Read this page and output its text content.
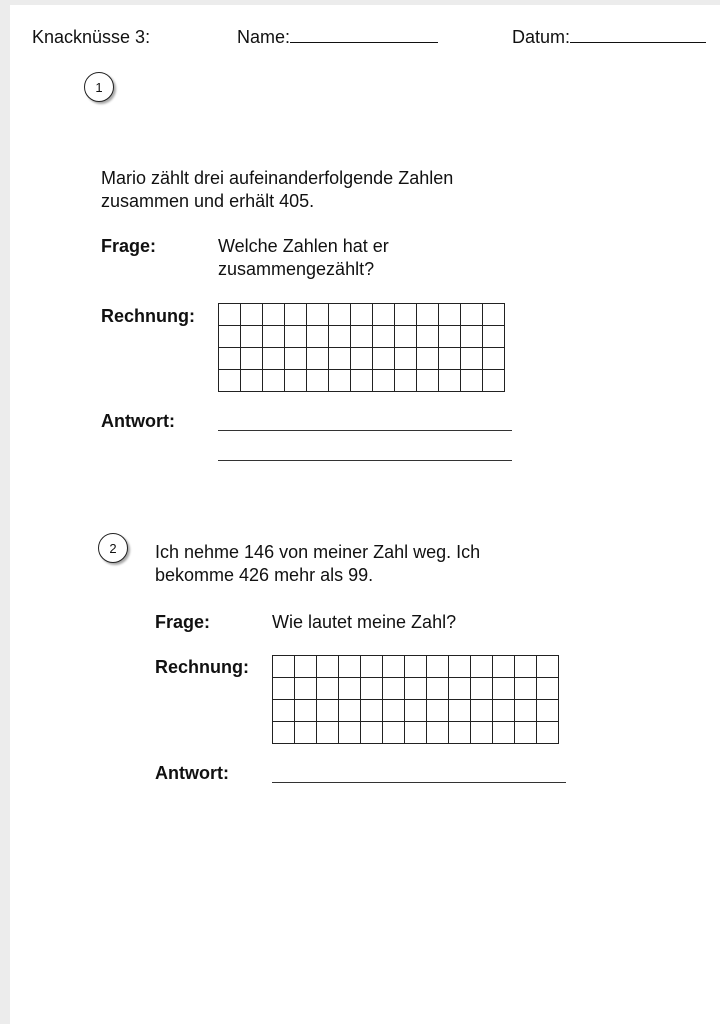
Knacknüsse 3:	Name:	Datum:
1
Mario zählt drei aufeinanderfolgende Zahlen
zusammen und erhält 405.
Frage:	Welche Zahlen hat er
zusammengezählt?
Rechnung:
Antwort:
2	Ich nehme 146 von meiner Zahl weg. Ich
bekomme 426 mehr als 99.
Frage:	Wie lautet meine Zahl?
Rechnung:
Antwort:
